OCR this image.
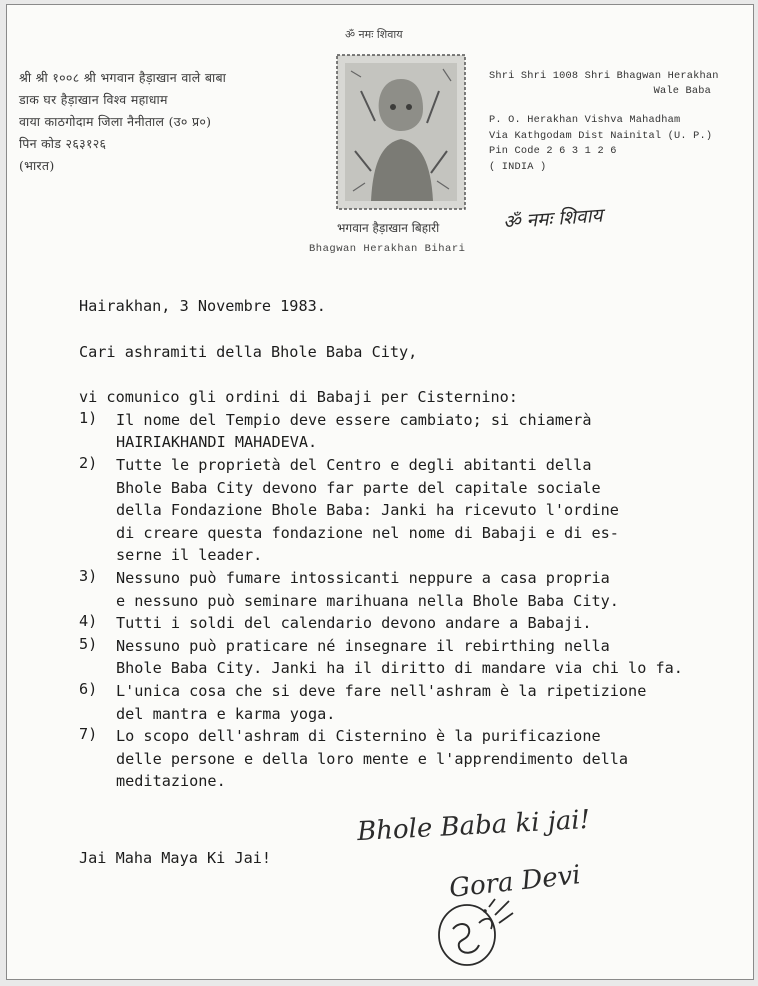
ॐ नमः शिवाय
श्री श्री १००८ श्री भगवान हैड़ाखान वाले बाबा
डाक घर हैड़ाखान विश्व महाधाम
वाया काठगोदाम जिला नैनीताल (उ० प्र०)
पिन कोड २६३१२६
(भारत)
भगवान हैड़ाखान बिहारी
Bhagwan Herakhan Bihari
Shri Shri 1008 Shri Bhagwan Herakhan
Wale Baba
P. O. Herakhan Vishva Mahadham
Via Kathgodam Dist Nainital (U. P.)
Pin Code 2 6 3 1 2 6
( INDIA )
ॐ नमः शिवाय
Hairakhan, 3 Novembre 1983.
Cari ashramiti della Bhole Baba City,
vi comunico gli ordini di Babaji per Cisternino:
1)	Il nome del Tempio deve essere cambiato; si chiamerà
HAIRIAKHANDI MAHADEVA.
2)	Tutte le proprietà del Centro e degli abitanti della
Bhole Baba City devono far parte del capitale sociale
della Fondazione Bhole Baba: Janki ha ricevuto l'ordine
di creare questa fondazione nel nome di Babaji e di es-
serne il leader.
3)	Nessuno può fumare intossicanti neppure a casa propria
e nessuno può seminare marihuana nella Bhole Baba City.
4)	Tutti i soldi del calendario devono andare a Babaji.
5)	Nessuno può praticare né insegnare il rebirthing nella
Bhole Baba City. Janki ha il diritto di mandare via chi lo fa.
6)	L'unica cosa che si deve fare nell'ashram è la ripetizione
del mantra e karma yoga.
7)	Lo scopo dell'ashram di Cisternino è la purificazione
delle persone e della loro mente e l'apprendimento della
meditazione.
Bhole Baba ki jai!
Jai Maha Maya Ki Jai!
Gora Devi
